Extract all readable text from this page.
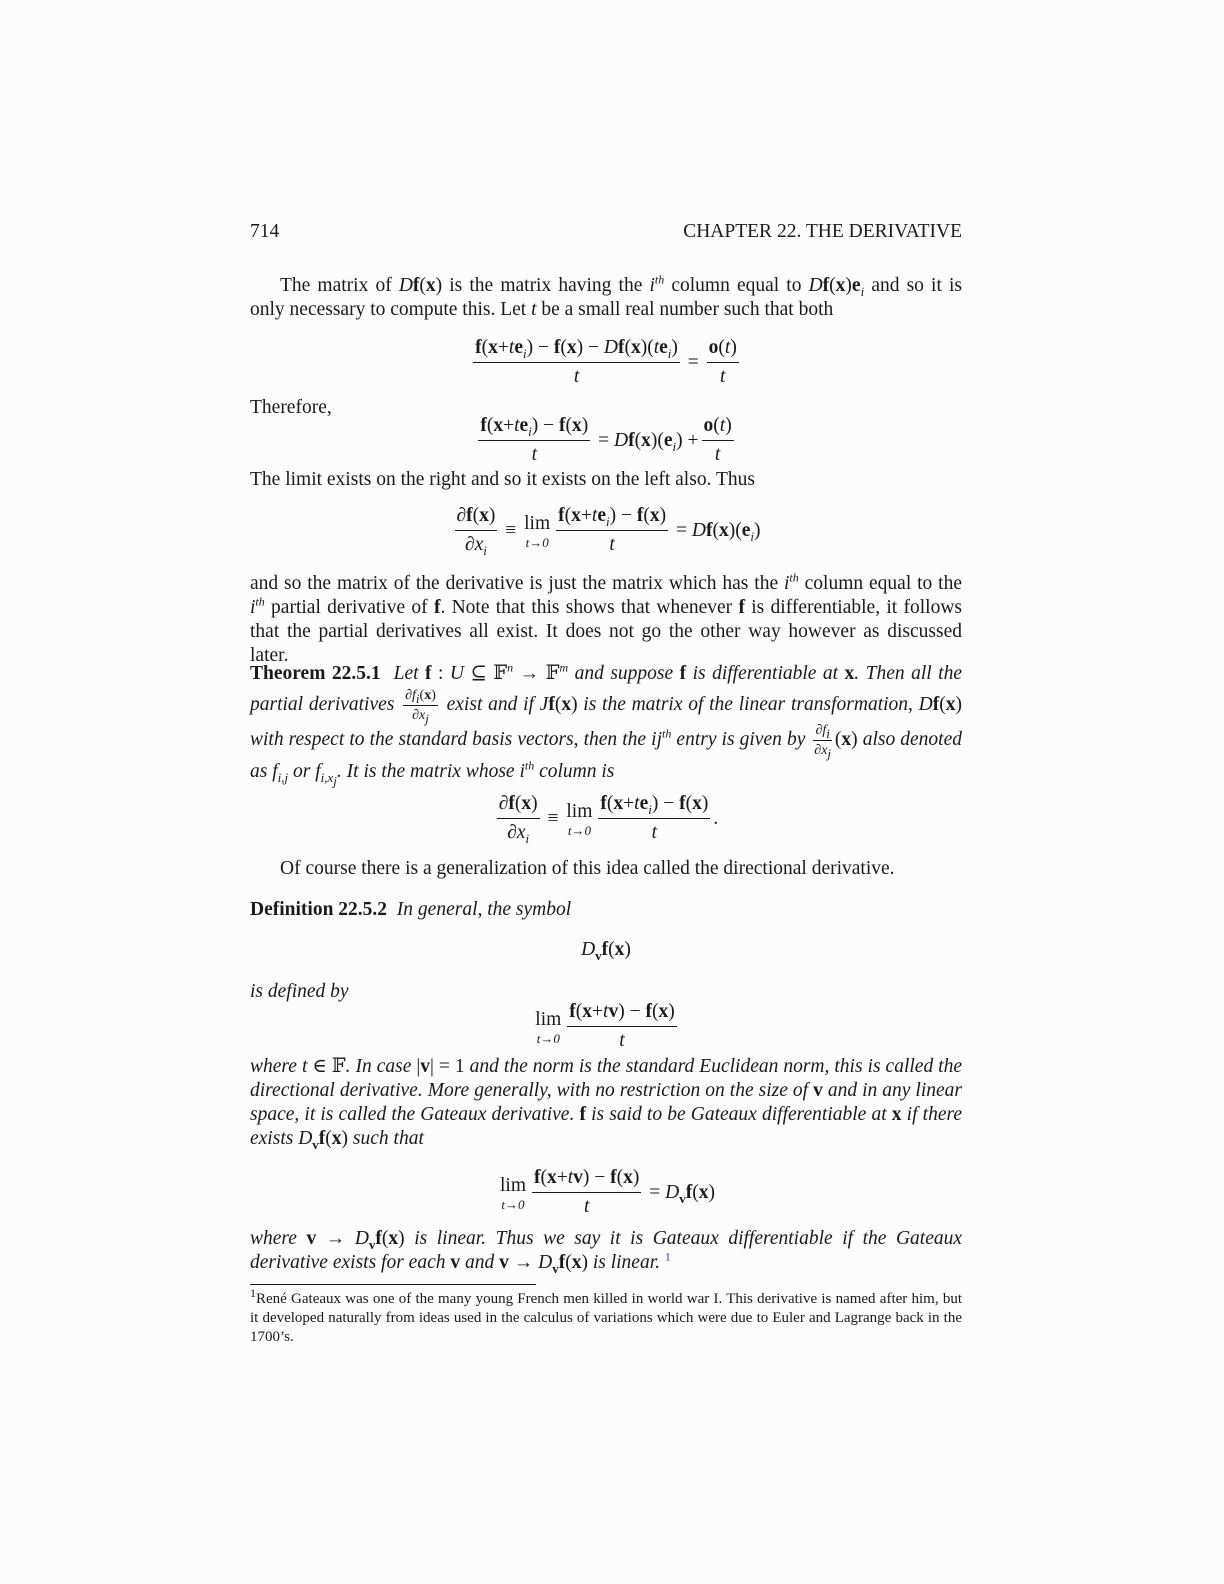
714	CHAPTER 22. THE DERIVATIVE

The matrix of Df(x) is the matrix having the $i^{th}$ column equal to $Df(x)e_i$ and so it is only necessary to compute this. Let t be a small real number such that both

$\frac{f(x+te_i) - f(x) - Df(x)(te_i)}{t} = \frac{o(t)}{t}$

Therefore,

$\frac{f(x+te_i) - f(x)}{t} = Df(x)(e_i) + \frac{o(t)}{t}$

The limit exists on the right and so it exists on the left also. Thus

$\frac{\partial f(x)}{\partial x_i} \equiv \lim$
$t\to 0 \frac{f(x+te_i) - f(x)}{t} = Df(x)(e_i)$

and so the matrix of the derivative is just the matrix which has the $i^{th}$ column equal to the $i^{th}$ partial derivative of f. Note that this shows that whenever f is differentiable, it follows that the partial derivatives all exist. It does not go the other way however as discussed later.

Theorem 22.5.1 Let f : U ⊆ 𝔽$^n$ → 𝔽$^m$ and suppose f is differentiable at x. Then all the partial derivatives $\frac{\partial f_i(x)}{\partial x_j}$ exist and if Jf(x) is the matrix of the linear transformation, Df(x) with respect to the standard basis vectors, then the $ij^{th}$ entry is given by $\frac{\partial f_i}{\partial x_j} (x)$ also denoted as $f_{i,j}$ or $f_{i,x_j}$. It is the matrix whose $i^{th}$ column is
$\frac{\partial f(x)}{\partial x_i} \equiv \lim$
$t\to 0 \frac{f(x+te_i) - f(x)}{t}$ .

Of course there is a generalization of this idea called the directional derivative.

Definition 22.5.2 In general, the symbol

$D_vf(x)$

is defined by

lim
$t\to 0 \frac{f(x+tv) - f(x)}{t}$

where t ∈ 𝔽. In case |v| = 1 and the norm is the standard Euclidean norm, this is called the directional derivative. More generally, with no restriction on the size of v and in any linear space, it is called the Gateaux derivative. f is said to be Gateaux differentiable at x if there exists $D_vf(x)$ such that

lim
$t\to 0 \frac{f(x+tv) - f(x)}{t} = D_vf(x)$

where $v \to D_vf(x)$ is linear. Thus we say it is Gateaux differentiable if the Gateaux derivative exists for each v and $v \to D_vf(x)$ is linear. $^1$

$^1$René Gateaux was one of the many young French men killed in world war I. This derivative is named after him, but it developed naturally from ideas used in the calculus of variations which were due to Euler and Lagrange back in the 1700’s.
